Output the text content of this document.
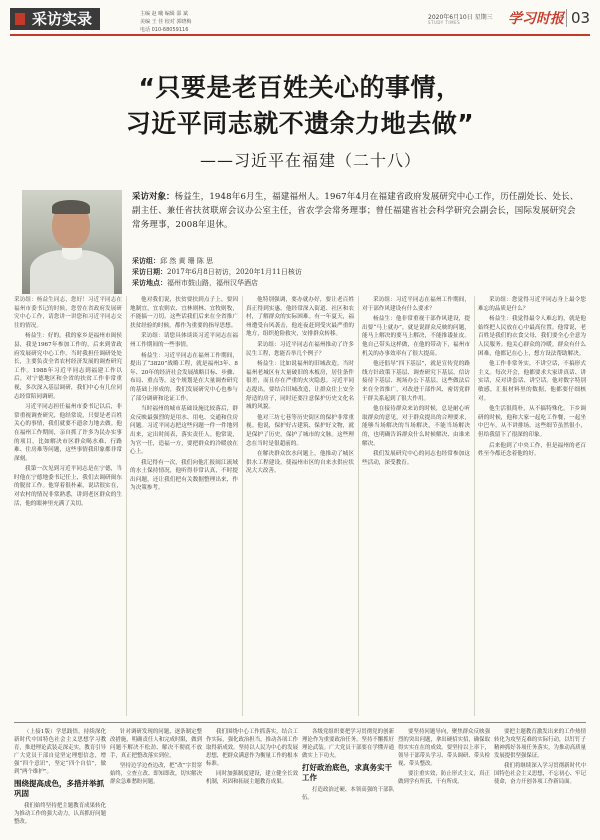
采访实录	主编 赵 曦 编辑 邵 斌
美编 王 佳 校对 郭晓梅
电话 010-68059116
2020年6月10日 星期三
STUDY TIMES	学习时报 03
“只要是老百姓关心的事情，
习近平同志就不遗余力地去做”
——习近平在福建（二十八）
采访对象：杨益生，1948年6月生，福建福州人。1967年4月在福建省政府发展研究中心工作，历任副处长、处长、副主任、兼任省扶贫联席会议办公室主任，省农学会常务理事；曾任福建省社会科学研究会副会长，国际发展研究会常务理事，2008年退休。
采访组：邱 然 黄 珊 陈 思
采访日期：2017年6月8日初访，2020年1月11日核访
采访地点：福州市鼓山路，福州汉华酒店

采访组：杨益生同志，您好！习近平同志在福州市委书记的时候，您曾在省政府发展研究中心工作，请您讲一讲您和习近平同志交往的情况。

杨益生：好的。我的家乡是福州市闽侯县，我是1967年参加工作的，后来到省政府发展研究中心工作。当时我担任调研处处长，主要负责全省农村经济发展的调查研究工作。1988年习近平同志到福建工作以后，对宁德地区和全省的扶贫工作非常重视，多次深入基层调研，我们中心有几位同志经常陪同调研。

习近平同志担任福州市委书记以后，非常重视调查研究，他经常说，只要是老百姓关心的事情，我们就要不遗余力地去做。他在福州工作期间，亲自抓了许多为民办实事的项目，比如解决市区群众喝水难、行路难、住房难等问题，这些事情我印象都非常深刻。

我第一次见到习近平同志是在宁德，当时他在宁德地委书记任上，我们去调研闽东的脱贫工作。他穿着很朴素，说话很实在，对农村的情况非常熟悉，讲到老区群众的生活，他的眼神里充满了关切。

他对我们说，扶贫要扶到点子上，要因地制宜，宜农则农、宜林则林、宜牧则牧，不能搞一刀切。这些话我们后来在全省推广扶贫经验的时候，都作为重要的指导思想。

采访组：请您具体谈谈习近平同志在福州工作期间的一些事情。

杨益生：习近平同志在福州工作期间，提出了“3820”战略工程，就是福州3年、8年、20年的经济社会发展战略目标、步骤、布局、重点等。这个规划是在大量调查研究的基础上形成的，我们发展研究中心也参与了部分调研和论证工作。

当时福州的城市基础设施比较落后，群众反映最强烈的是用水、用电、交通和住房问题。习近平同志把这些问题一件一件地列出来，定出时间表，落实责任人。他常说，为官一任，造福一方，要把群众的冷暖放在心上。

我记得有一次，我们向他汇报闽江流域的水土保持情况，他听得非常认真，不时提出问题，还让我们把有关数据整理出来，作为决策参考。

他特别强调，要办就办好，要让老百姓真正得到实惠。他经常深入街道、社区和农村，了解群众的实际困难。有一年夏天，福州遭受台风袭击，他连夜赶到受灾最严重的地方，组织抢险救灾，安排群众转移。

采访组：习近平同志在福州推动了许多民生工程，您能否举几个例子？

杨益生：比如说福州的旧城改造。当时福州老城区有大量破旧的木板房，居住条件很差，而且存在严重的火灾隐患。习近平同志提出，要结合旧城改造，让群众住上安全舒适的房子，同时还要注意保护历史文化名城的风貌。

他对三坊七巷等历史街区的保护非常重视。他说，保护好古建筑、保护好文物，就是保护了历史，保护了城市的文脉。这些理念在当时是很超前的。

在解决群众饮水问题上，他推动了城区供水工程建设，使福州市区的自来水供应状况大大改善。

采访组：习近平同志在福州工作期间，对干部作风建设有什么要求？

杨益生：他非常重视干部作风建设，提出要“马上就办”，就是说群众反映的问题，能马上解决的要马上解决，不能推诿扯皮。他自己带头这样做，在他的带动下，福州市机关的办事效率有了很大提高。

他还倡导“四下基层”，就是宣传党的路线方针政策下基层、调查研究下基层、信访接待下基层、现场办公下基层。这些做法后来在全省推广，对改进干部作风、密切党群干群关系起到了很大作用。

他在接待群众来访的时候，总是耐心听取群众的意见，对于群众提出的合理要求，能够当场解决的当场解决，不能当场解决的，也明确告诉群众什么时候解决、由谁来解决。

我们发展研究中心的同志也经常参加这些活动，深受教育。

采访组：您觉得习近平同志身上最令您难忘的品质是什么？

杨益生：我觉得最令人难忘的，就是他始终把人民放在心中最高位置。他常说，老百姓是我们的衣食父母，我们要全心全意为人民服务。他关心群众的冷暖，群众有什么困难，他都记在心上，想方设法帮助解决。

他工作非常务实，不讲空话，不搞形式主义。每次开会，他都要求大家讲真话、讲实话，反对讲套话、讲空话。他对数字特别敏感，汇报材料里的数据，他都要仔细核对。

他生活很简朴，从不搞特殊化。下乡调研的时候，他和大家一起吃工作餐，一起坐中巴车，从不讲排场。这些细节虽然很小，但给我留下了很深的印象。

后来他到了中央工作，但是福州的老百姓至今都还念着他的好。

（上接1版）学思践悟，持续深化新时代中国特色社会主义思想学习教育，推进理论武装走深走实，教育引导广大党员干部自觉坚定理想信念，增强“四个意识”，坚定“四个自信”，做到“两个维护”。

围绕提高成色，多措并举抓巩固

我们始终坚持把主题教育成果转化为推动工作的强大动力，认真抓好问题整改。

针对调研发现的问题，逐条制定整改措施，明确责任人和完成时限，做到问题不解决不松劲、解决不彻底不放手，真正把整改落实到位。

坚持边学边查边改，把“改”字贯穿始终，立查立改、即知即改，切实解决群众急难愁盼问题。

我们围绕中心工作抓落实，结合工作实际，强化政治担当，推动各项工作取得新成效。坚持以人民为中心的发展思想，把群众满意作为衡量工作的根本标准。

同时加强制度建设，建立健全长效机制，巩固和拓展主题教育成果。

各级党组织要把学习贯彻党的创新理论作为重要政治任务，坚持不懈抓好理论武装。广大党员干部要在学懂弄通做实上下功夫。

打好政治底色，求真务实干工作

打造政治过硬、本领高强的干部队伍。

要坚持问题导向，聚焦群众反映强烈的突出问题，拿出硬招实招，确保取得实实在在的成效。要坚持以上率下，领导干部带头学习、带头调研、带头检视、带头整改。

要注重实效，防止形式主义，真正做到学有所获、干有所成。

要把主题教育激发出来的工作热情转化为攻坚克难的实际行动，以钉钉子精神抓好各项任务落实，为推动高质量发展提供坚强保证。

我们将继续深入学习贯彻新时代中国特色社会主义思想，不忘初心、牢记使命，奋力开创各项工作新局面。
